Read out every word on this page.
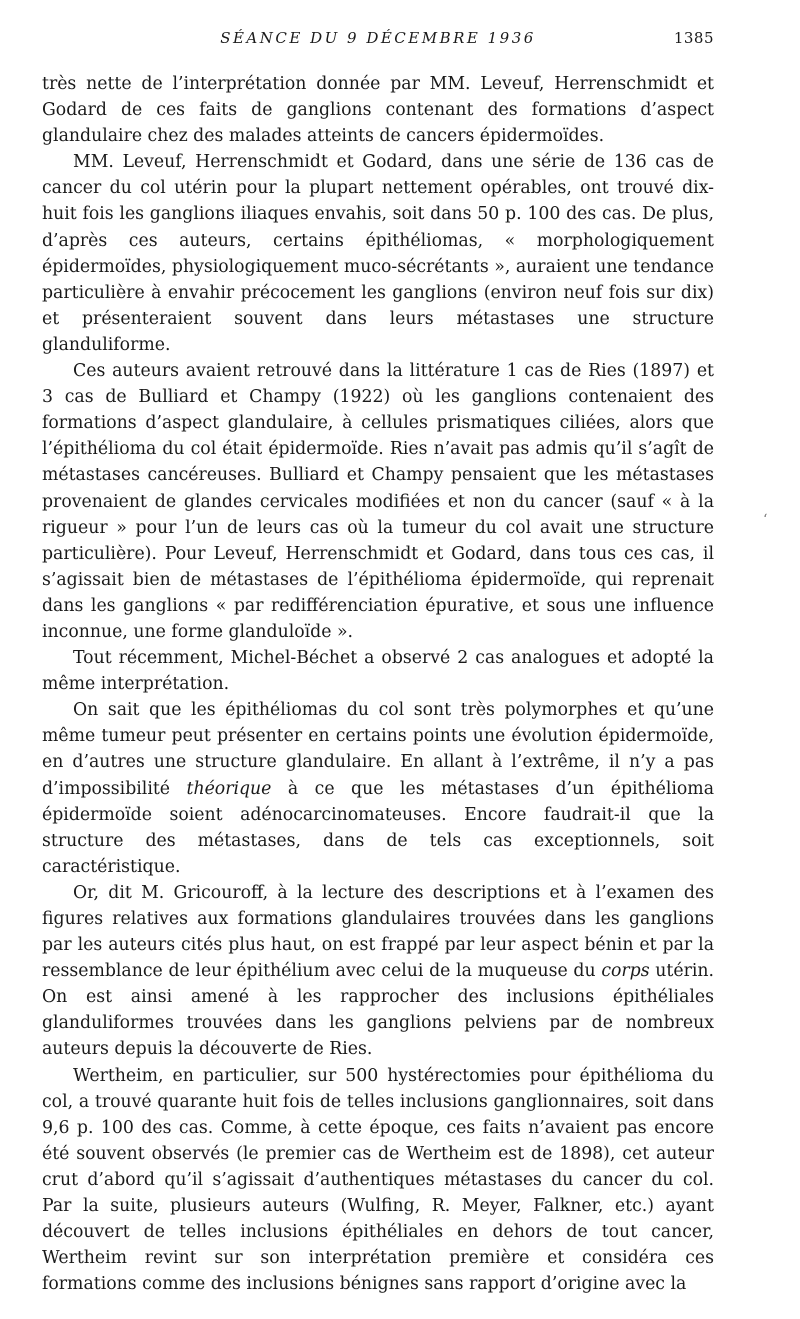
SÉANCE DU 9 DÉCEMBRE 1936	1385

très nette de l’interprétation donnée par MM. Leveuf, Herrenschmidt et Godard de ces faits de ganglions contenant des formations d’aspect glandulaire chez des malades atteints de cancers épidermoïdes.

MM. Leveuf, Herrenschmidt et Godard, dans une série de 136 cas de cancer du col utérin pour la plupart nettement opérables, ont trouvé dix-huit fois les ganglions iliaques envahis, soit dans 50 p. 100 des cas. De plus, d’après ces auteurs, certains épithéliomas, « morphologiquement épidermoïdes, physiologiquement muco-sécrétants », auraient une tendance particulière à envahir précocement les ganglions (environ neuf fois sur dix) et présenteraient souvent dans leurs métastases une structure glanduliforme.

Ces auteurs avaient retrouvé dans la littérature 1 cas de Ries (1897) et 3 cas de Bulliard et Champy (1922) où les ganglions contenaient des formations d’aspect glandulaire, à cellules prismatiques ciliées, alors que l’épithélioma du col était épidermoïde. Ries n’avait pas admis qu’il s’agît de métastases cancéreuses. Bulliard et Champy pensaient que les métastases provenaient de glandes cervicales modifiées et non du cancer (sauf « à la rigueur » pour l’un de leurs cas où la tumeur du col avait une structure particulière). Pour Leveuf, Herrenschmidt et Godard, dans tous ces cas, il s’agissait bien de métastases de l’épithélioma épidermoïde, qui reprenait dans les ganglions « par redifférenciation épurative, et sous une influence inconnue, une forme glanduloïde ».

Tout récemment, Michel-Béchet a observé 2 cas analogues et adopté la même interprétation.

On sait que les épithéliomas du col sont très polymorphes et qu’une même tumeur peut présenter en certains points une évolution épidermoïde, en d’autres une structure glandulaire. En allant à l’extrême, il n’y a pas d’impossibilité théorique à ce que les métastases d’un épithélioma épidermoïde soient adénocarcinomateuses. Encore faudrait-il que la structure des métastases, dans de tels cas exceptionnels, soit caractéristique.

Or, dit M. Gricouroff, à la lecture des descriptions et à l’examen des figures relatives aux formations glandulaires trouvées dans les ganglions par les auteurs cités plus haut, on est frappé par leur aspect bénin et par la ressemblance de leur épithélium avec celui de la muqueuse du corps utérin. On est ainsi amené à les rapprocher des inclusions épithéliales glanduliformes trouvées dans les ganglions pelviens par de nombreux auteurs depuis la découverte de Ries.

Wertheim, en particulier, sur 500 hystérectomies pour épithélioma du col, a trouvé quarante huit fois de telles inclusions ganglionnaires, soit dans 9,6 p. 100 des cas. Comme, à cette époque, ces faits n’avaient pas encore été souvent observés (le premier cas de Wertheim est de 1898), cet auteur crut d’abord qu’il s’agissait d’authentiques métastases du cancer du col. Par la suite, plusieurs auteurs (Wulfing, R. Meyer, Falkner, etc.) ayant découvert de telles inclusions épithéliales en dehors de tout cancer, Wertheim revint sur son interprétation première et considéra ces formations comme des inclusions bénignes sans rapport d’origine avec la

‘
